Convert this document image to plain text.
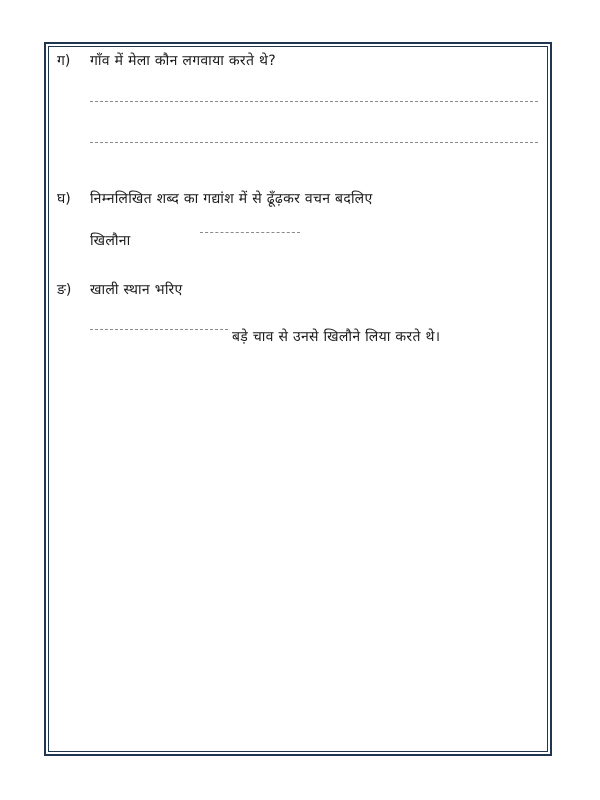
ग) गाँव में मेला कौन लगवाया करते थे?
घ) निम्नलिखित शब्द का गद्यांश में से ढूँढ़कर वचन बदलिए
खिलौना
ङ) खाली स्थान भरिए
बड़े चाव से उनसे खिलौने लिया करते थे।
